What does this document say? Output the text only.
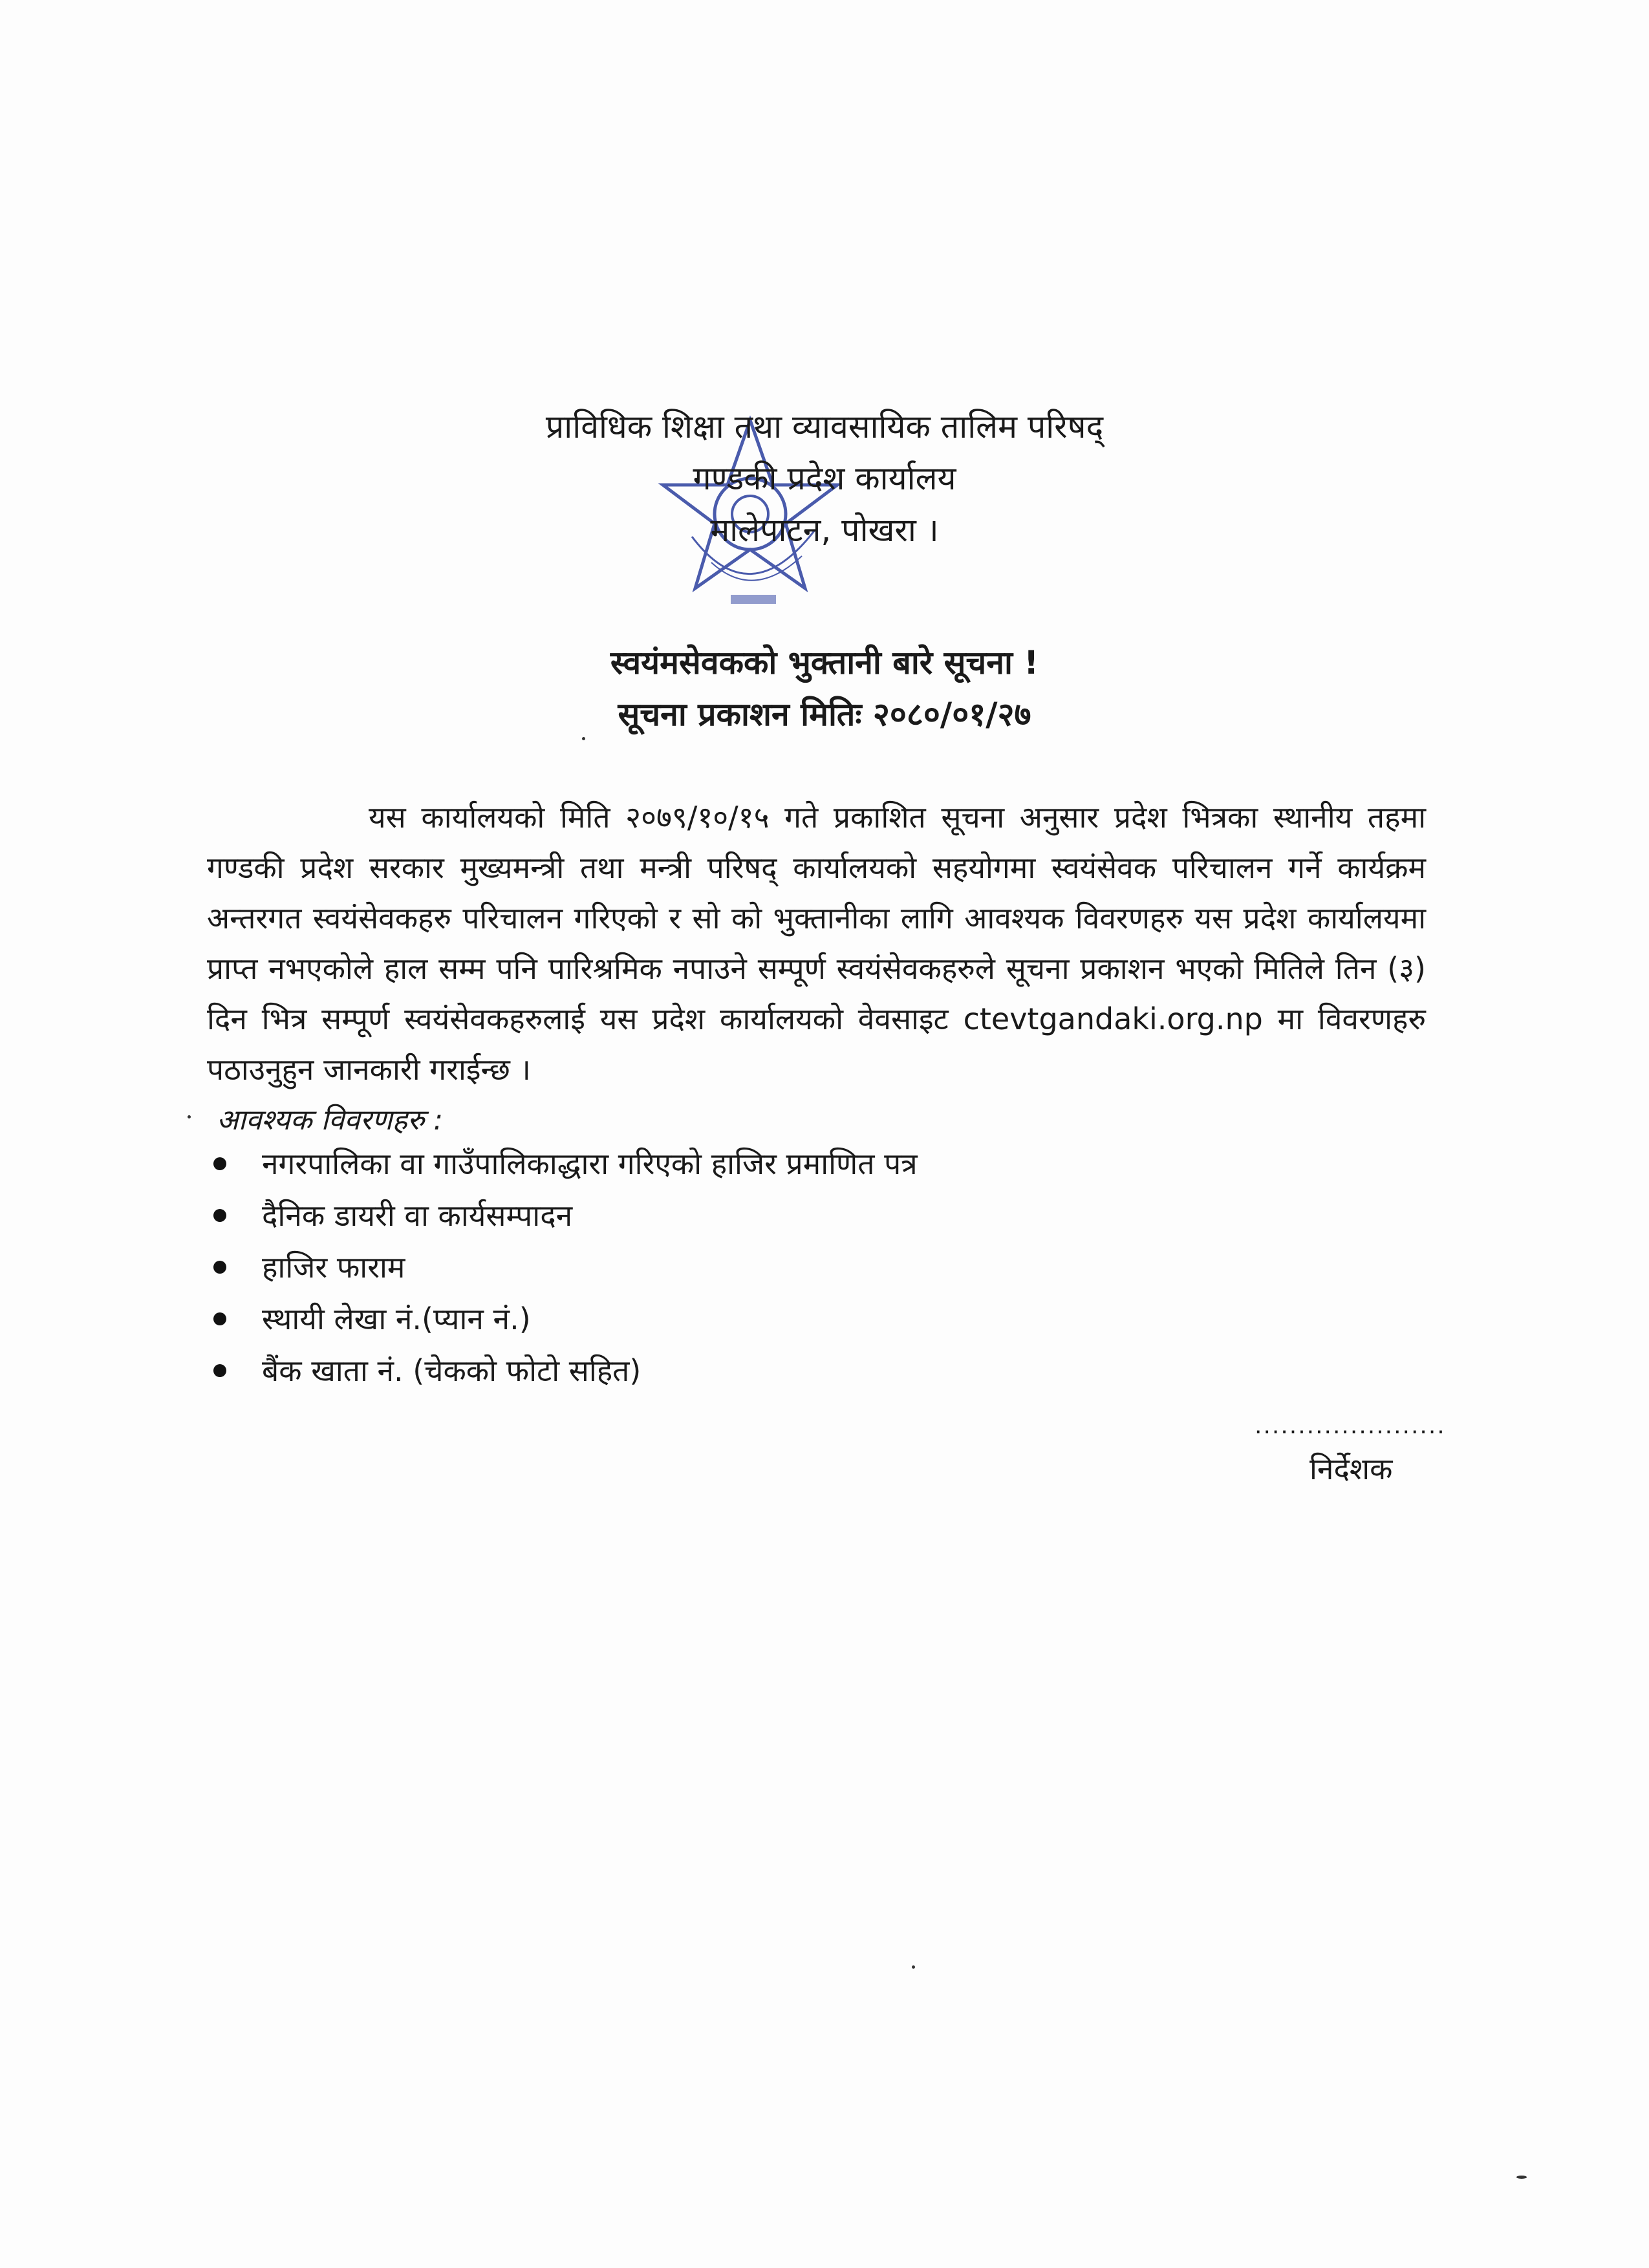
प्राविधिक शिक्षा तथा व्यावसायिक तालिम परिषद्
गण्डकी प्रदेश कार्यालय
मालेपाटन, पोखरा ।
स्वयंमसेवकको भुक्तानी बारे सूचना !
सूचना प्रकाशन मितिः २०८०/०१/२७
यस कार्यालयको मिति २०७९/१०/१५ गते प्रकाशित सूचना अनुसार प्रदेश भित्रका स्थानीय तहमा गण्डकी प्रदेश सरकार मुख्यमन्त्री तथा मन्त्री परिषद् कार्यालयको सहयोगमा स्वयंसेवक परिचालन गर्ने कार्यक्रम अन्तरगत स्वयंसेवकहरु परिचालन गरिएको र सो को भुक्तानीका लागि आवश्यक विवरणहरु यस प्रदेश कार्यालयमा प्राप्त नभएकोले हाल सम्म पनि पारिश्रमिक नपाउने सम्पूर्ण स्वयंसेवकहरुले सूचना प्रकाशन भएको मितिले तिन (३) दिन भित्र सम्पूर्ण स्वयंसेवकहरुलाई यस प्रदेश कार्यालयको वेवसाइट ctevtgandaki.org.np मा विवरणहरु पठाउनुहुन जानकारी गराईन्छ ।
आवश्यक विवरणहरु :
नगरपालिका वा गाउँपालिकाद्धारा गरिएको हाजिर प्रमाणित पत्र
दैनिक डायरी वा कार्यसम्पादन
हाजिर फाराम
स्थायी लेखा नं.(प्यान नं.)
बैंक खाता नं. (चेकको फोटो सहित)
......................
निर्देशक
